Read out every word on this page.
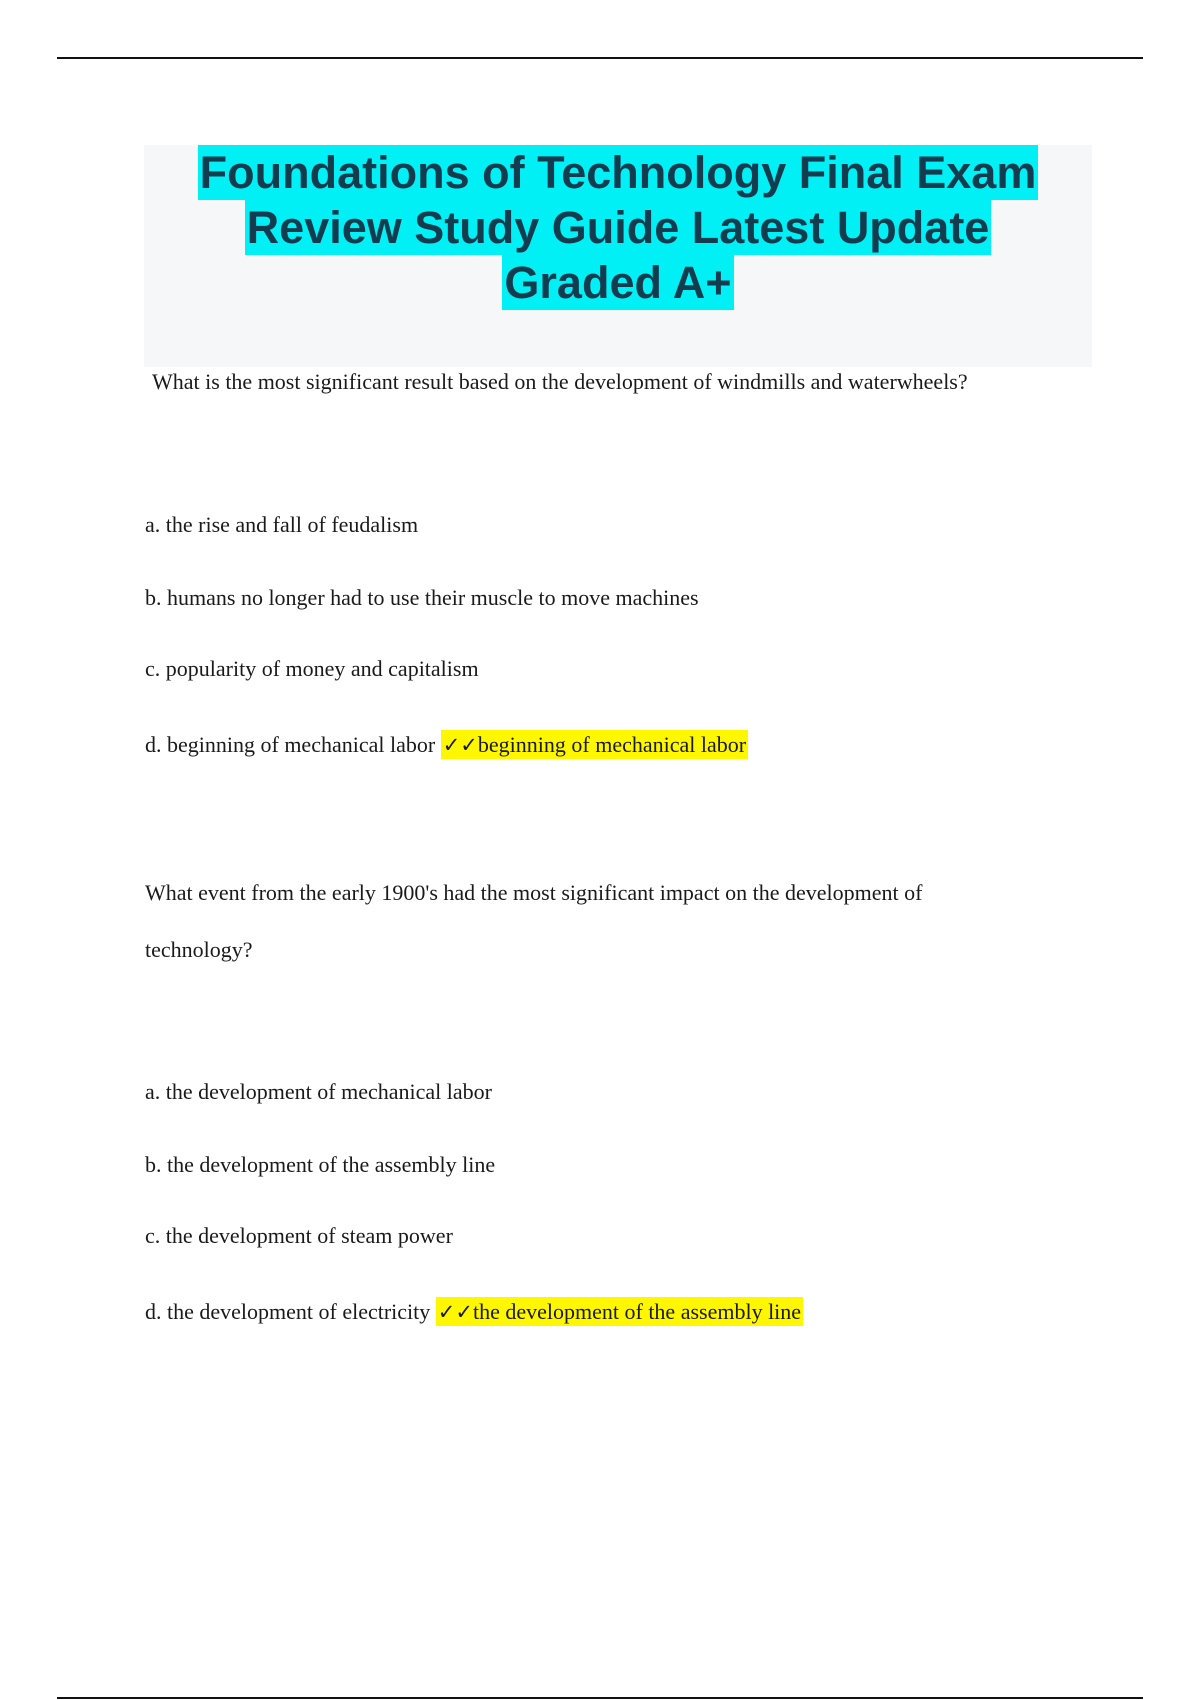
Foundations of Technology Final Exam
Review Study Guide Latest Update
Graded A+
What is the most significant result based on the development of windmills and waterwheels?
a. the rise and fall of feudalism
b. humans no longer had to use their muscle to move machines
c. popularity of money and capitalism
d. beginning of mechanical labor ✓✓beginning of mechanical labor
What event from the early 1900's had the most significant impact on the development of
technology?
a. the development of mechanical labor
b. the development of the assembly line
c. the development of steam power
d. the development of electricity ✓✓the development of the assembly line
